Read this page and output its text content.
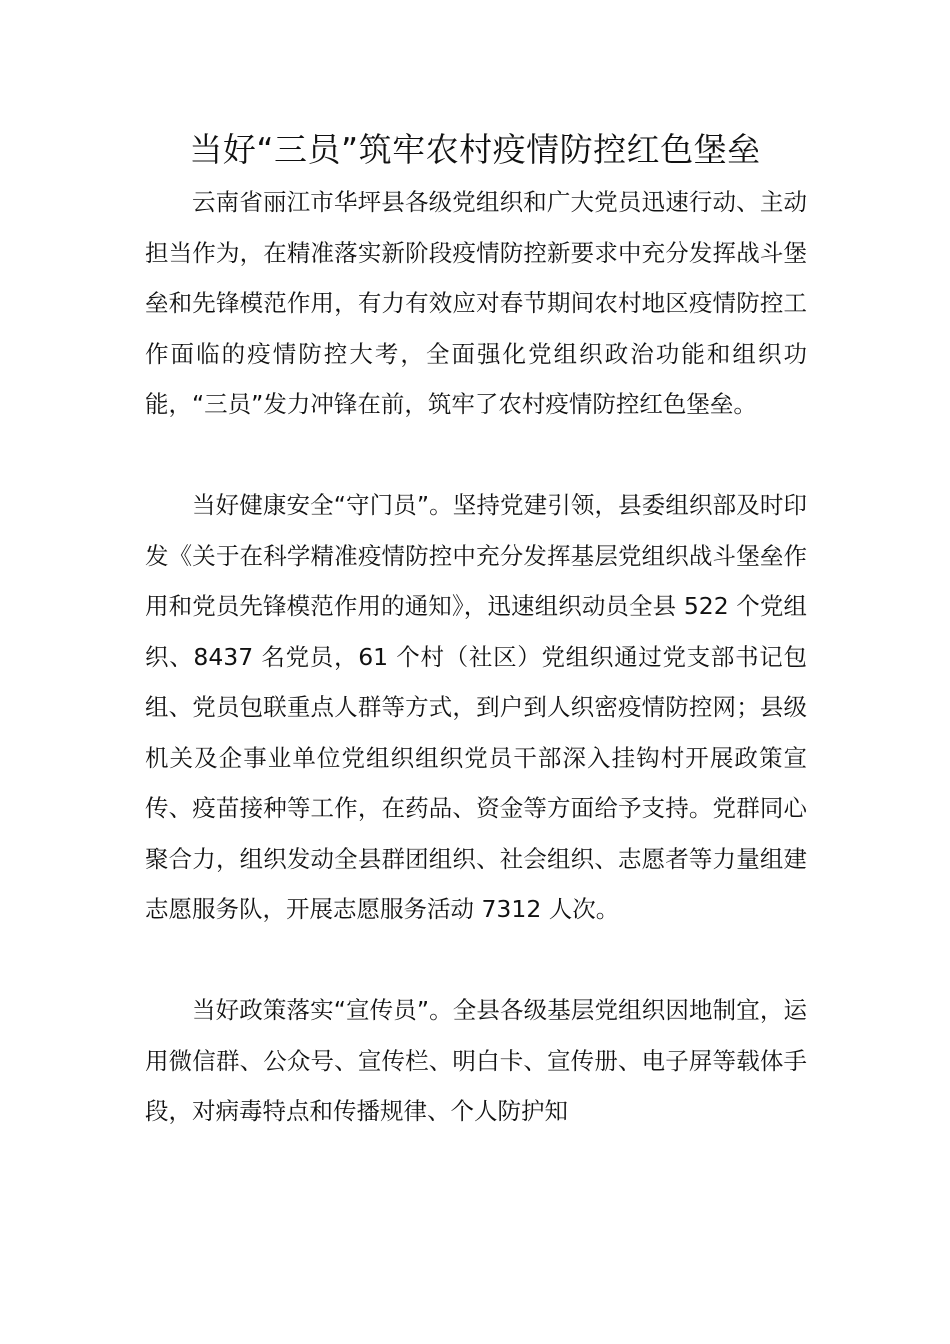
当好“三员”筑牢农村疫情防控红色堡垒

云南省丽江市华坪县各级党组织和广大党员迅速行动、主动担当作为，在精准落实新阶段疫情防控新要求中充分发挥战斗堡垒和先锋模范作用，有力有效应对春节期间农村地区疫情防控工作面临的疫情防控大考，全面强化党组织政治功能和组织功能，“三员”发力冲锋在前，筑牢了农村疫情防控红色堡垒。

当好健康安全“守门员”。坚持党建引领，县委组织部及时印发《关于在科学精准疫情防控中充分发挥基层党组织战斗堡垒作用和党员先锋模范作用的通知》，迅速组织动员全县 522 个党组织、8437 名党员，61 个村（社区）党组织通过党支部书记包组、党员包联重点人群等方式，到户到人织密疫情防控网；县级机关及企事业单位党组织组织党员干部深入挂钩村开展政策宣传、疫苗接种等工作，在药品、资金等方面给予支持。党群同心聚合力，组织发动全县群团组织、社会组织、志愿者等力量组建志愿服务队，开展志愿服务活动 7312 人次。

当好政策落实“宣传员”。全县各级基层党组织因地制宜，运用微信群、公众号、宣传栏、明白卡、宣传册、电子屏等载体手段，对病毒特点和传播规律、个人防护知
